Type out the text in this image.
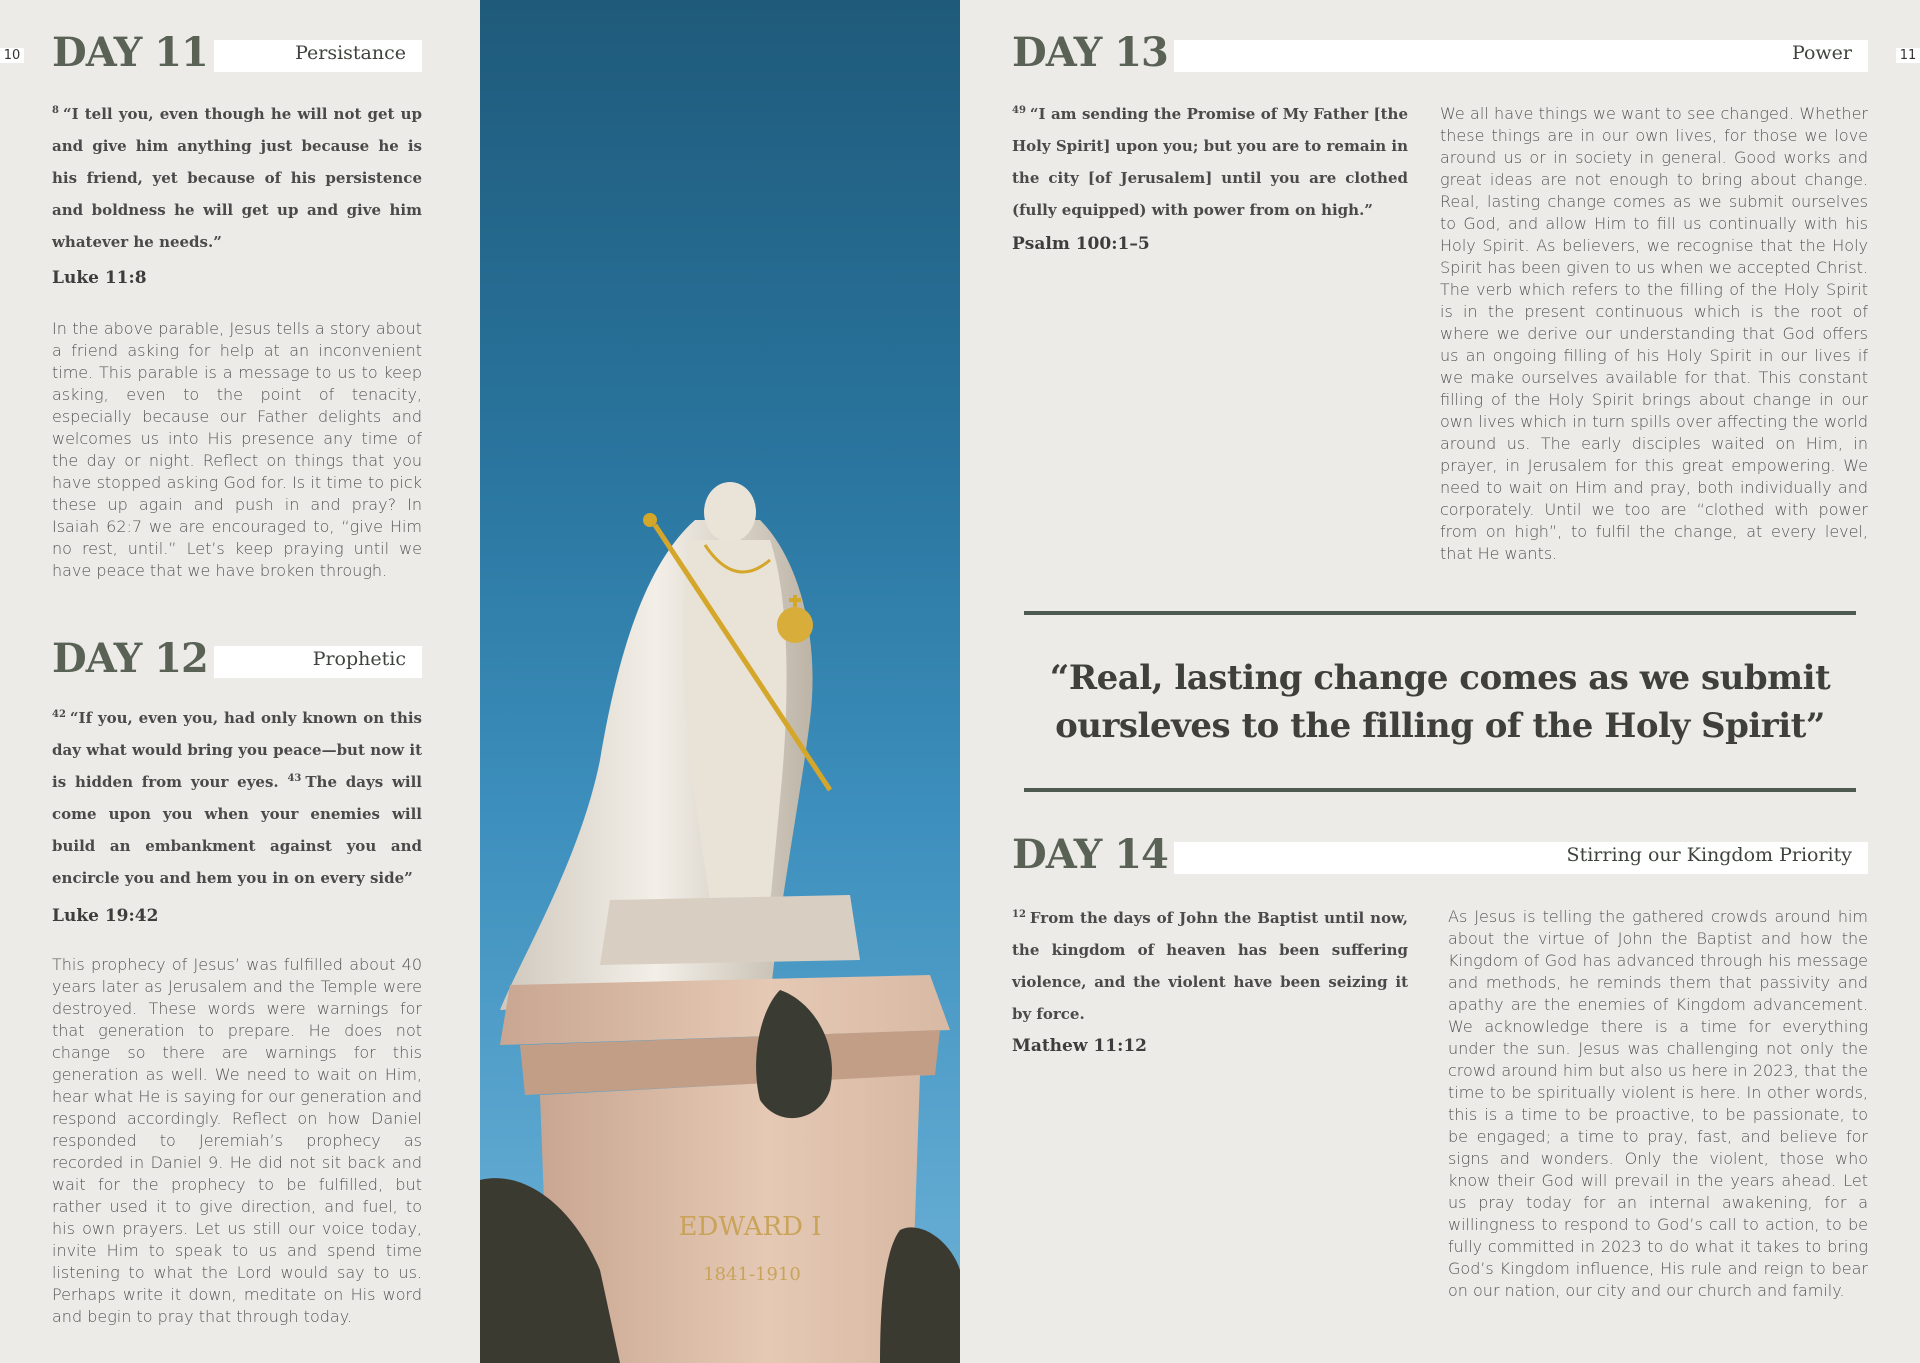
10	11
DAY 11	Persistance
$^8$ “I tell you, even though he will not get up and give him anything just because he is his friend, yet because of his persistence and boldness he will get up and give him whatever he needs.”
Luke 11:8
In the above parable, Jesus tells a story about a friend asking for help at an inconvenient time. This parable is a message to us to keep asking, even to the point of tenacity, especially because our Father delights and welcomes us into His presence any time of the day or night. Reflect on things that you have stopped asking God for. Is it time to pick these up again and push in and pray? In Isaiah 62:7 we are encouraged to, “give Him no rest, until.” Let’s keep praying until we have peace that we have broken through.
DAY 12	Prophetic
$^{42}$ “If you, even you, had only known on this day what would bring you peace—but now it is hidden from your eyes. $^{43}$ The days will come upon you when your enemies will build an embankment against you and encircle you and hem you in on every side”
Luke 19:42
This prophecy of Jesus’ was fulfilled about 40 years later as Jerusalem and the Temple were destroyed. These words were warnings for that generation to prepare. He does not change so there are warnings for this generation as well. We need to wait on Him, hear what He is saying for our generation and respond accordingly. Reflect on how Daniel responded to Jeremiah’s prophecy as recorded in Daniel 9. He did not sit back and wait for the prophecy to be fulfilled, but rather used it to give direction, and fuel, to his own prayers. Let us still our voice today, invite Him to speak to us and spend time listening to what the Lord would say to us. Perhaps write it down, meditate on His word and begin to pray that through today.
EDWARD I
1841-1910
DAY 13	Power
$^{49}$ “I am sending the Promise of My Father [the Holy Spirit] upon you; but you are to remain in the city [of Jerusalem] until you are clothed (fully equipped) with power from on high.”
Psalm 100:1–5
We all have things we want to see changed. Whether these things are in our own lives, for those we love around us or in society in general. Good works and great ideas are not enough to bring about change. Real, lasting change comes as we submit ourselves to God, and allow Him to fill us continually with his Holy Spirit. As believers, we recognise that the Holy Spirit has been given to us when we accepted Christ. The verb which refers to the filling of the Holy Spirit is in the present continuous which is the root of where we derive our understanding that God offers us an ongoing filling of his Holy Spirit in our lives if we make ourselves available for that. This constant filling of the Holy Spirit brings about change in our own lives which in turn spills over affecting the world around us. The early disciples waited on Him, in prayer, in Jerusalem for this great empowering. We need to wait on Him and pray, both individually and corporately. Until we too are “clothed with power from on high”, to fulfil the change, at every level, that He wants.
“Real, lasting change comes as we submit oursleves to the filling of the Holy Spirit”
DAY 14	Stirring our Kingdom Priority
$^{12}$ From the days of John the Baptist until now, the kingdom of heaven has been suffering violence, and the violent have been seizing it by force.
Mathew 11:12
As Jesus is telling the gathered crowds around him about the virtue of John the Baptist and how the Kingdom of God has advanced through his message and methods, he reminds them that passivity and apathy are the enemies of Kingdom advancement. We acknowledge there is a time for everything under the sun. Jesus was challenging not only the crowd around him but also us here in 2023, that the time to be spiritually violent is here. In other words, this is a time to be proactive, to be passionate, to be engaged; a time to pray, fast, and believe for signs and wonders. Only the violent, those who know their God will prevail in the years ahead. Let us pray today for an internal awakening, for a willingness to respond to God’s call to action, to be fully committed in 2023 to do what it takes to bring God’s Kingdom influence, His rule and reign to bear on our nation, our city and our church and family.
